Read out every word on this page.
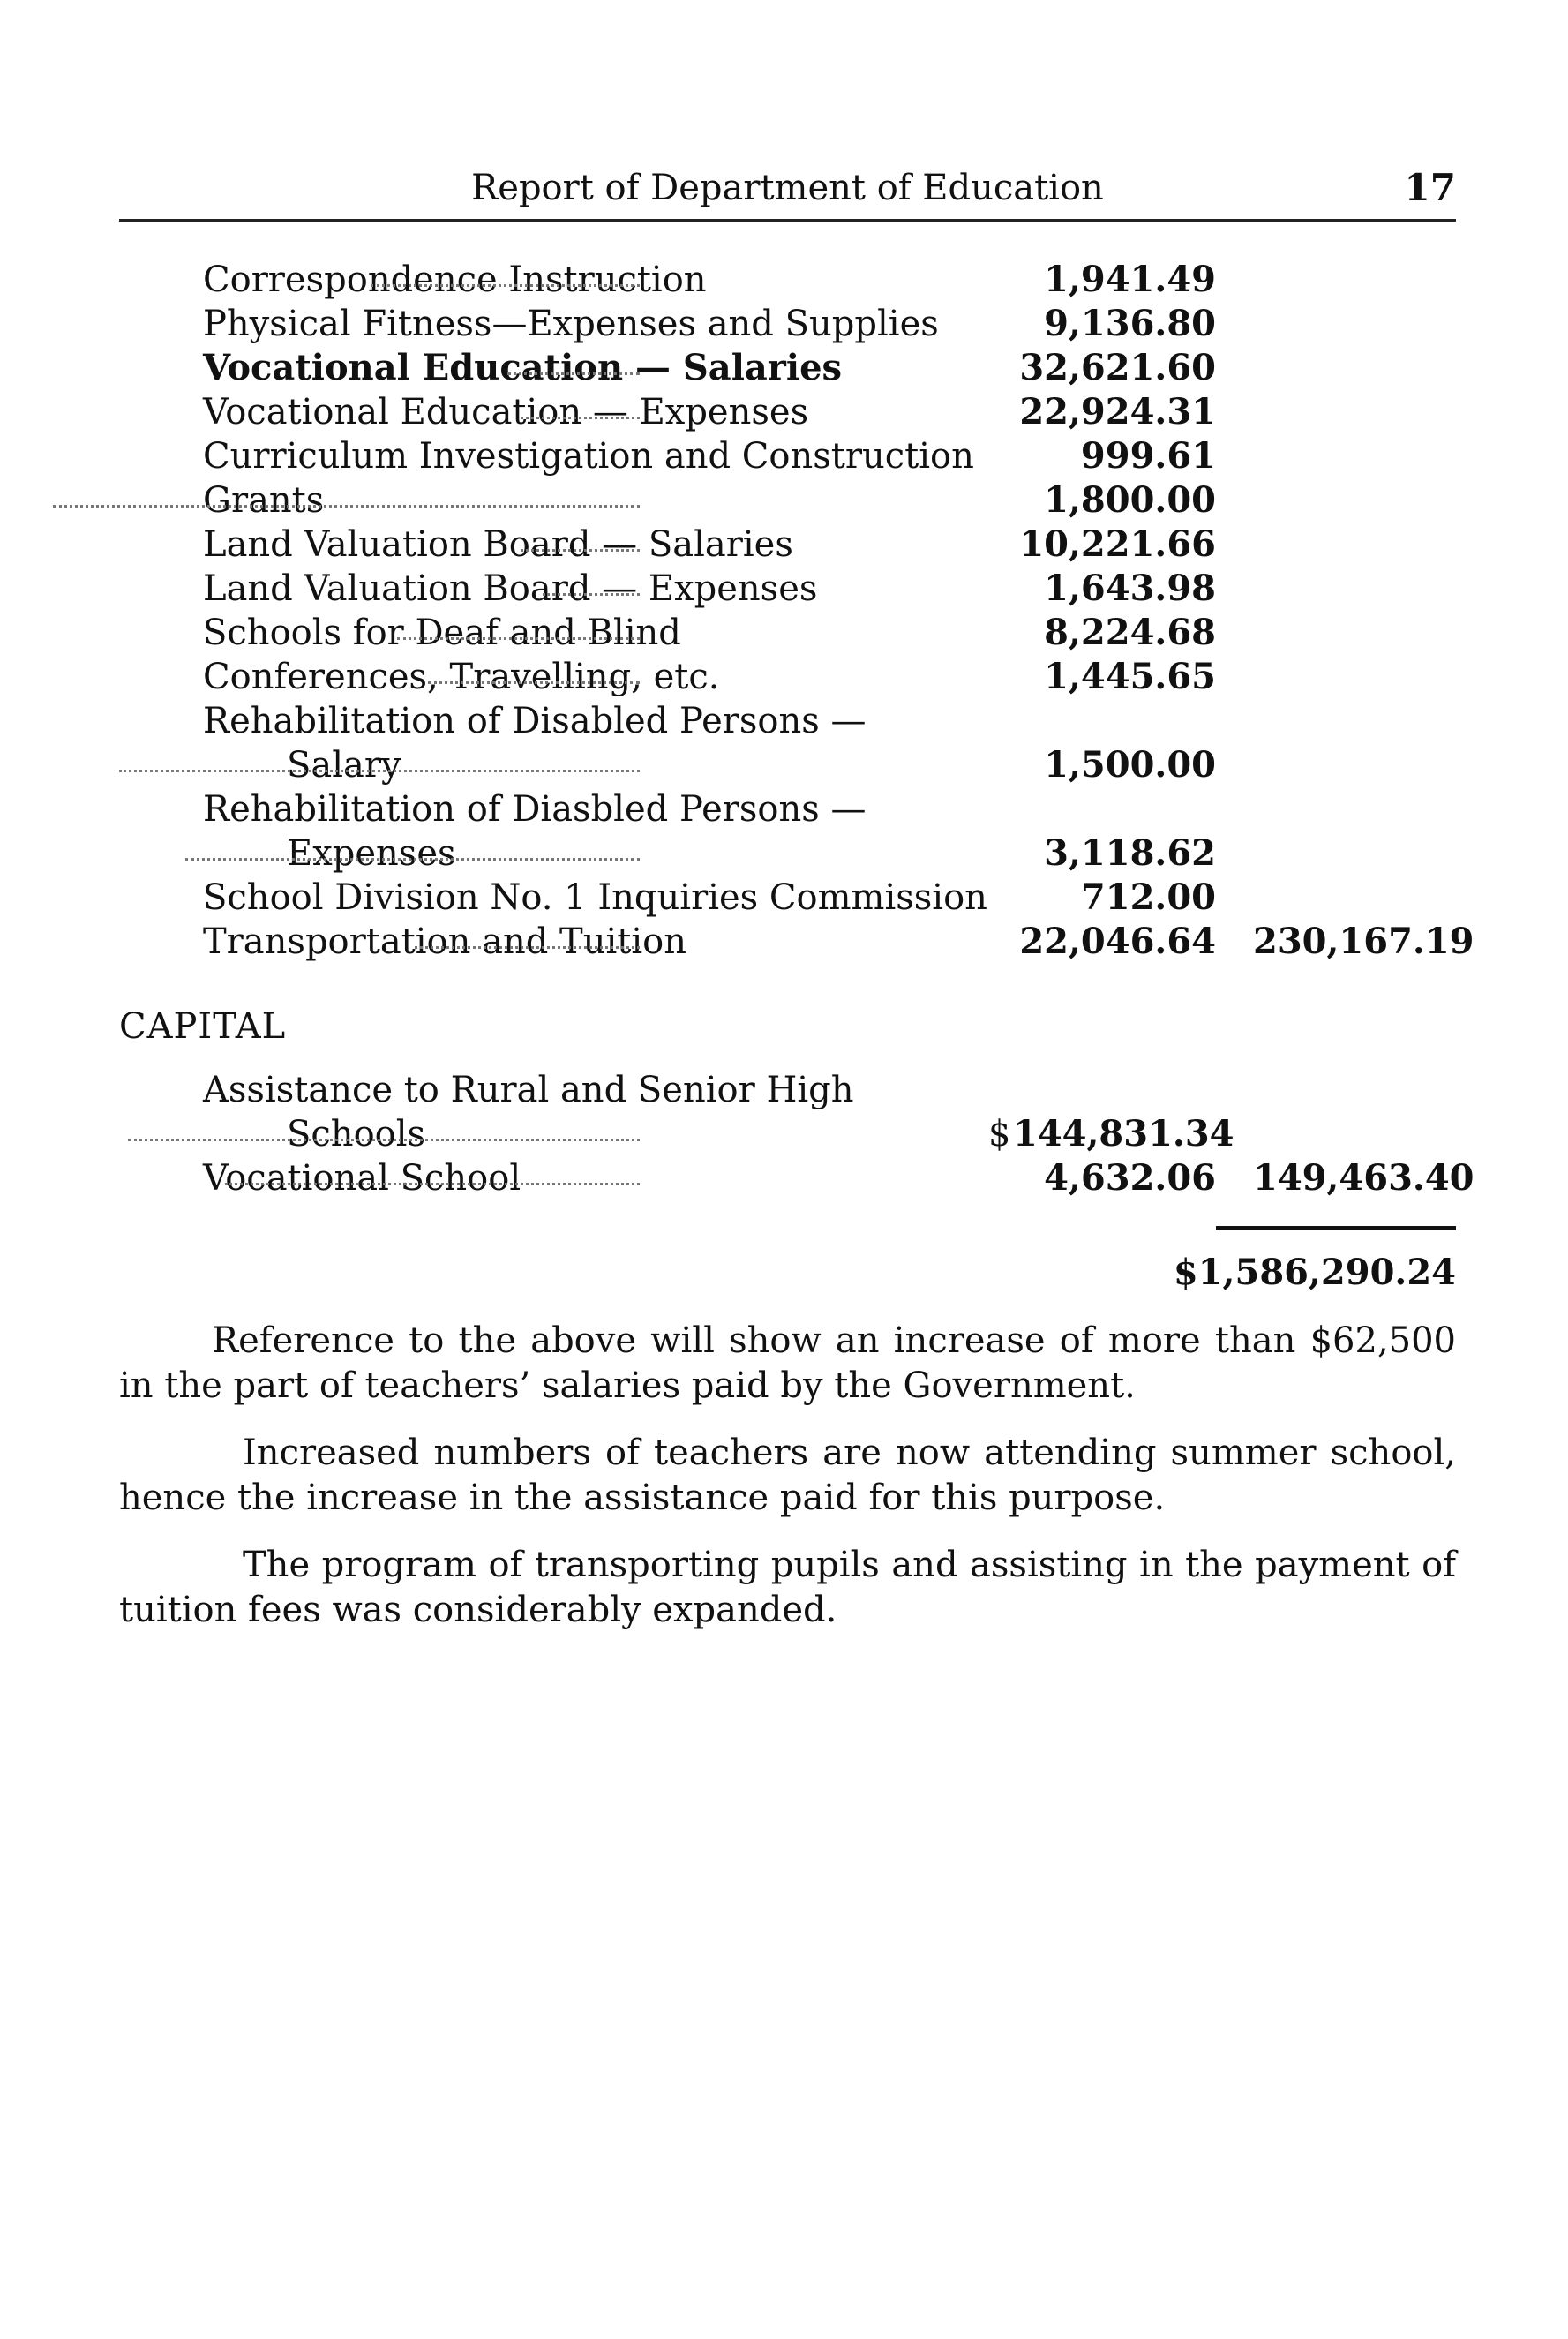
Report of Department of Education	17
Correspondence Instruction	1,941.49
Physical Fitness—Expenses and Supplies	9,136.80
Vocational Education — Salaries	32,621.60
Vocational Education — Expenses	22,924.31
Curriculum Investigation and Construction	999.61
Grants	1,800.00
Land Valuation Board — Salaries	10,221.66
Land Valuation Board — Expenses	1,643.98
Schools for Deaf and Blind	8,224.68
Conferences, Travelling, etc.	1,445.65
Rehabilitation of Disabled Persons —
Salary	1,500.00
Rehabilitation of Diasbled Persons —
Expenses	3,118.62
School Division No. 1 Inquiries Commission	712.00
Transportation and Tuition	22,046.64 230,167.19
CAPITAL
Assistance to Rural and Senior High
Schools	$ 144,831.34
Vocational School	4,632.06 149,463.40
$1,586,290.24
Reference to the above will show an increase of more than $62,500 in the part of teachers’ salaries paid by the Government.
Increased numbers of teachers are now attending summer school, hence the increase in the assistance paid for this purpose.
The program of transporting pupils and assisting in the payment of tuition fees was considerably expanded.
